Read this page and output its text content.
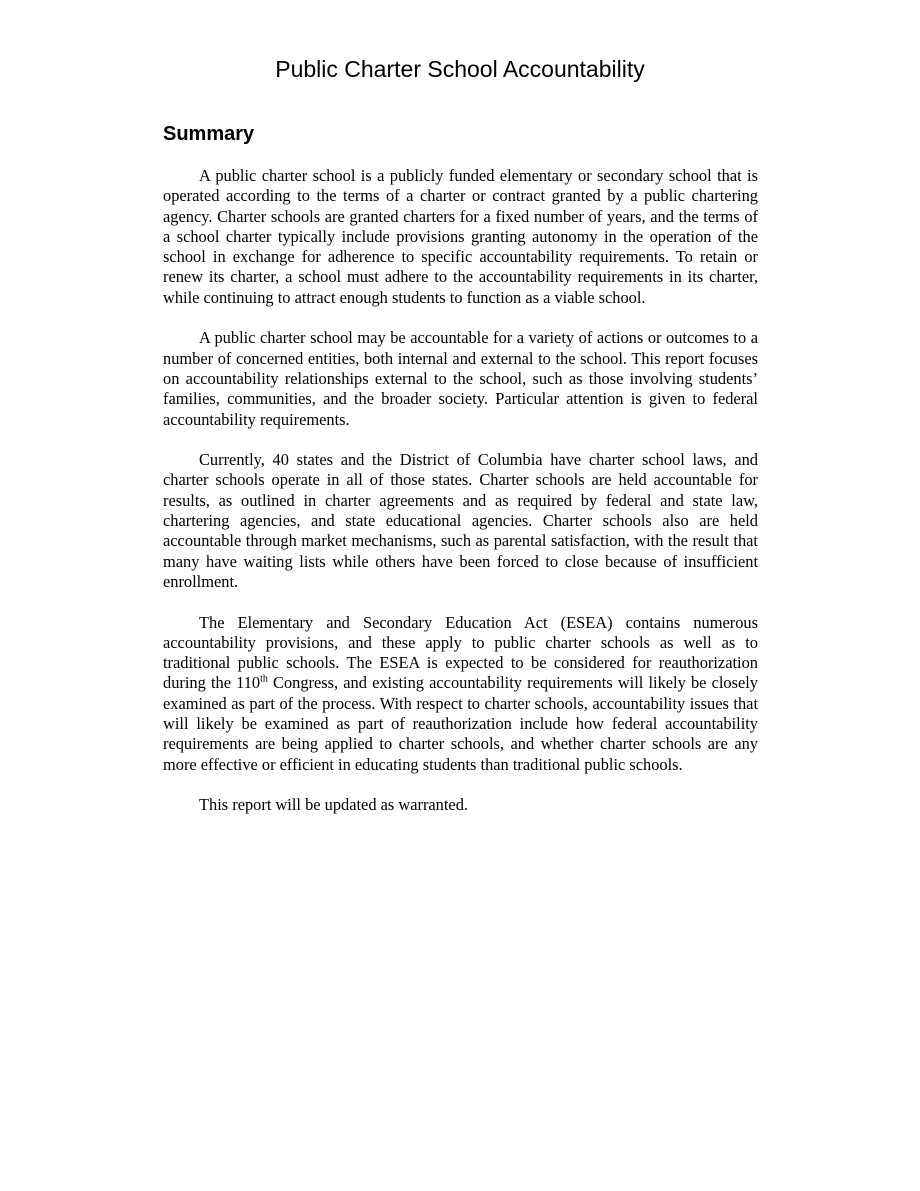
Public Charter School Accountability
Summary

A public charter school is a publicly funded elementary or secondary school that is operated according to the terms of a charter or contract granted by a public chartering agency. Charter schools are granted charters for a fixed number of years, and the terms of a school charter typically include provisions granting autonomy in the operation of the school in exchange for adherence to specific accountability requirements. To retain or renew its charter, a school must adhere to the accountability requirements in its charter, while continuing to attract enough students to function as a viable school.

A public charter school may be accountable for a variety of actions or outcomes to a number of concerned entities, both internal and external to the school. This report focuses on accountability relationships external to the school, such as those involving students’ families, communities, and the broader society. Particular attention is given to federal accountability requirements.

Currently, 40 states and the District of Columbia have charter school laws, and charter schools operate in all of those states. Charter schools are held accountable for results, as outlined in charter agreements and as required by federal and state law, chartering agencies, and state educational agencies. Charter schools also are held accountable through market mechanisms, such as parental satisfaction, with the result that many have waiting lists while others have been forced to close because of insufficient enrollment.

The Elementary and Secondary Education Act (ESEA) contains numerous accountability provisions, and these apply to public charter schools as well as to traditional public schools. The ESEA is expected to be considered for reauthorization during the 110th Congress, and existing accountability requirements will likely be closely examined as part of the process. With respect to charter schools, accountability issues that will likely be examined as part of reauthorization include how federal accountability requirements are being applied to charter schools, and whether charter schools are any more effective or efficient in educating students than traditional public schools.

This report will be updated as warranted.
